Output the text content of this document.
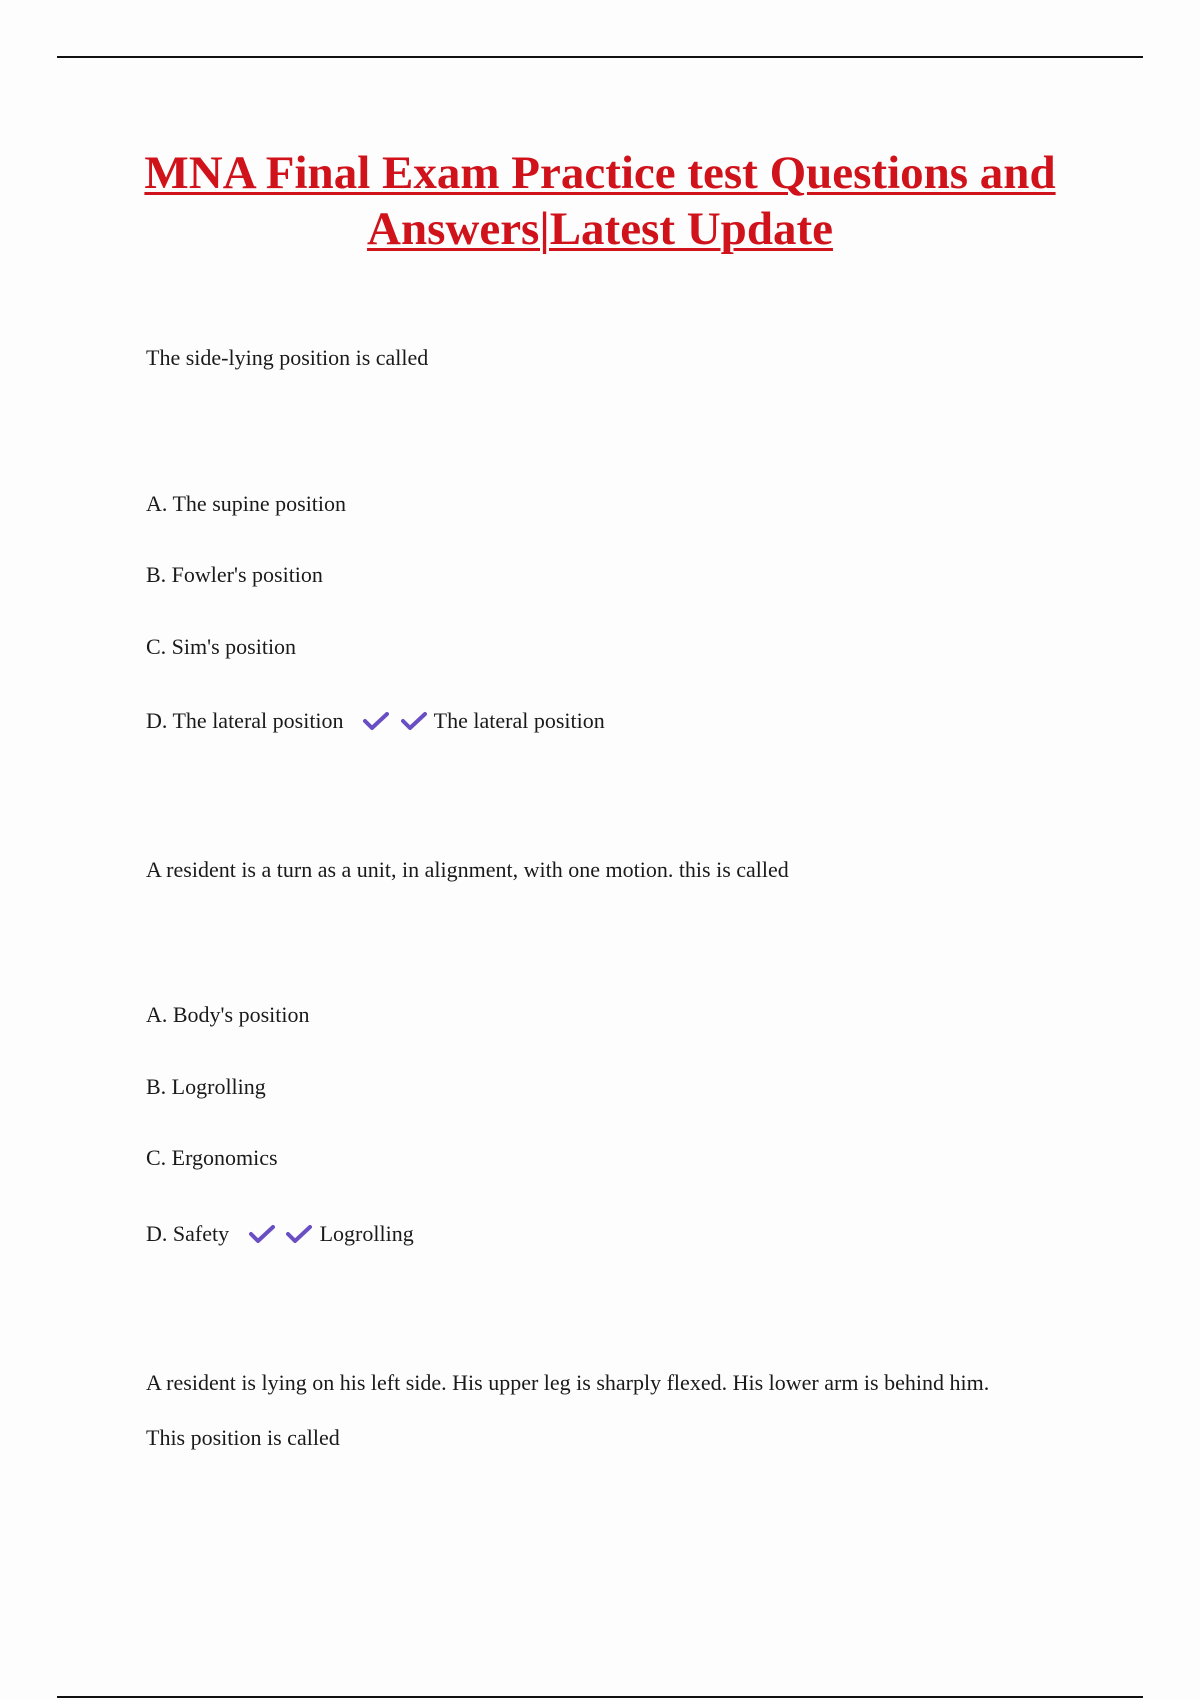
MNA Final Exam Practice test Questions and Answers|Latest Update
The side-lying position is called
A. The supine position
B. Fowler's position
C. Sim's position
D. The lateral position	The lateral position
A resident is a turn as a unit, in alignment, with one motion. this is called
A. Body's position
B. Logrolling
C. Ergonomics
D. Safety	Logrolling
A resident is lying on his left side. His upper leg is sharply flexed. His lower arm is behind him.
This position is called
